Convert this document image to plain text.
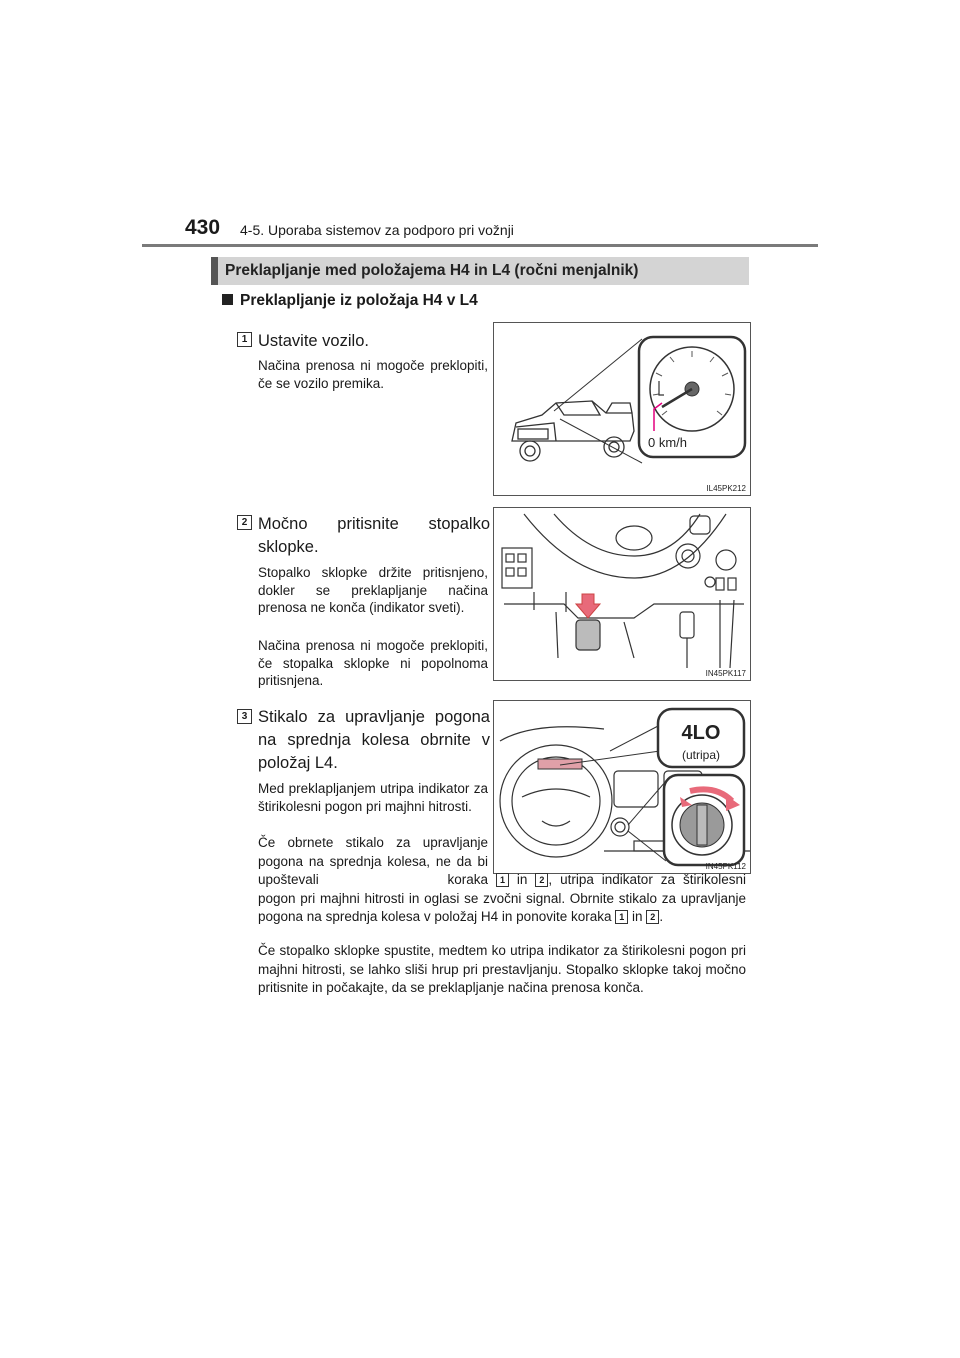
430 4-5. Uporaba sistemov za podporo pri vožnji
Preklapljanje med položajema H4 in L4 (ročni menjalnik)
Preklapljanje iz položaja H4 v L4
1 Ustavite vozilo.
Načina prenosa ni mogoče preklopiti, če se vozilo premika.
0 km/h
IL45PK212
2 Močno pritisnite stopalko sklopke.
Stopalko sklopke držite pritisnjeno, dokler se preklapljanje načina prenosa ne konča (indikator sveti).
Načina prenosa ni mogoče preklopiti, če stopalka sklopke ni popolnoma pritisnjena.	IN45PK117
3 Stikalo za upravljanje pogona na sprednja kolesa obrnite v položaj L4.
Med preklapljanjem utripa indikator za štirikolesni pogon pri majhni hitrosti.
4LO
(utripa)
IN45PK112
Če obrnete stikalo za upravljanje pogona na sprednja kolesa, ne da bi upoštevali koraka 1 in 2 , utripa indikator za štirikolesni pogon pri majhni hitrosti in oglasi se zvočni signal. Obrnite stikalo za upravljanje pogona na sprednja kolesa v položaj H4 in ponovite koraka 1 in 2 .
Če stopalko sklopke spustite, medtem ko utripa indikator za štirikolesni pogon pri majhni hitrosti, se lahko sliši hrup pri prestavljanju. Stopalko sklopke takoj močno pritisnite in počakajte, da se preklapljanje načina prenosa konča.
